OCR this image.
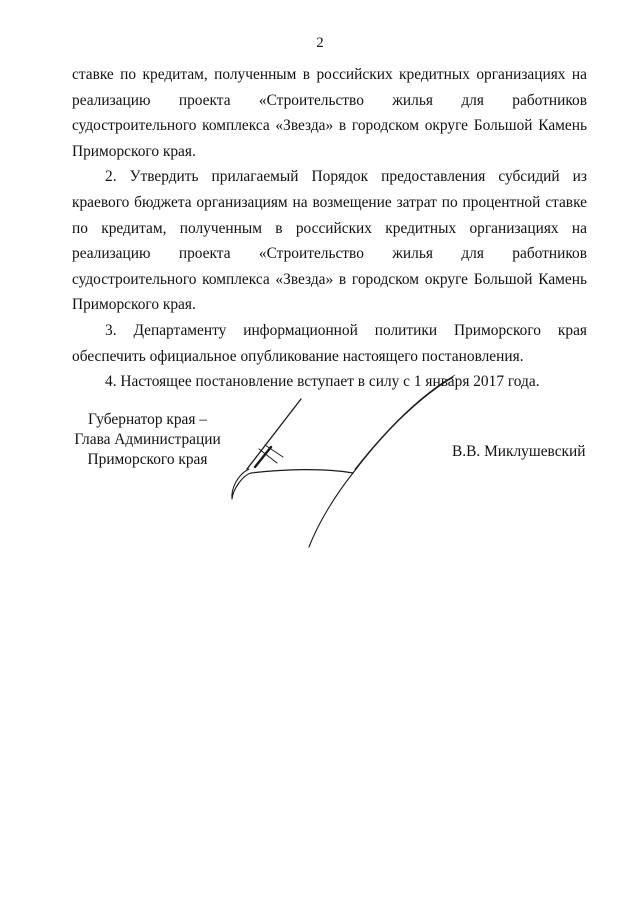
2

ставке по кредитам, полученным в российских кредитных организациях на реализацию проекта «Строительство жилья для работников судостроительного комплекса «Звезда» в городском округе Большой Камень Приморского края.

2. Утвердить прилагаемый Порядок предоставления субсидий из краевого бюджета организациям на возмещение затрат по процентной ставке по кредитам, полученным в российских кредитных организациях на реализацию проекта «Строительство жилья для работников судостроительного комплекса «Звезда» в городском округе Большой Камень Приморского края.

3. Департаменту информационной политики Приморского края обеспечить официальное опубликование настоящего постановления.

4. Настоящее постановление вступает в силу с 1 января 2017 года.

Губернатор края –
Глава Администрации
Приморского края	В.В. Миклушевский
